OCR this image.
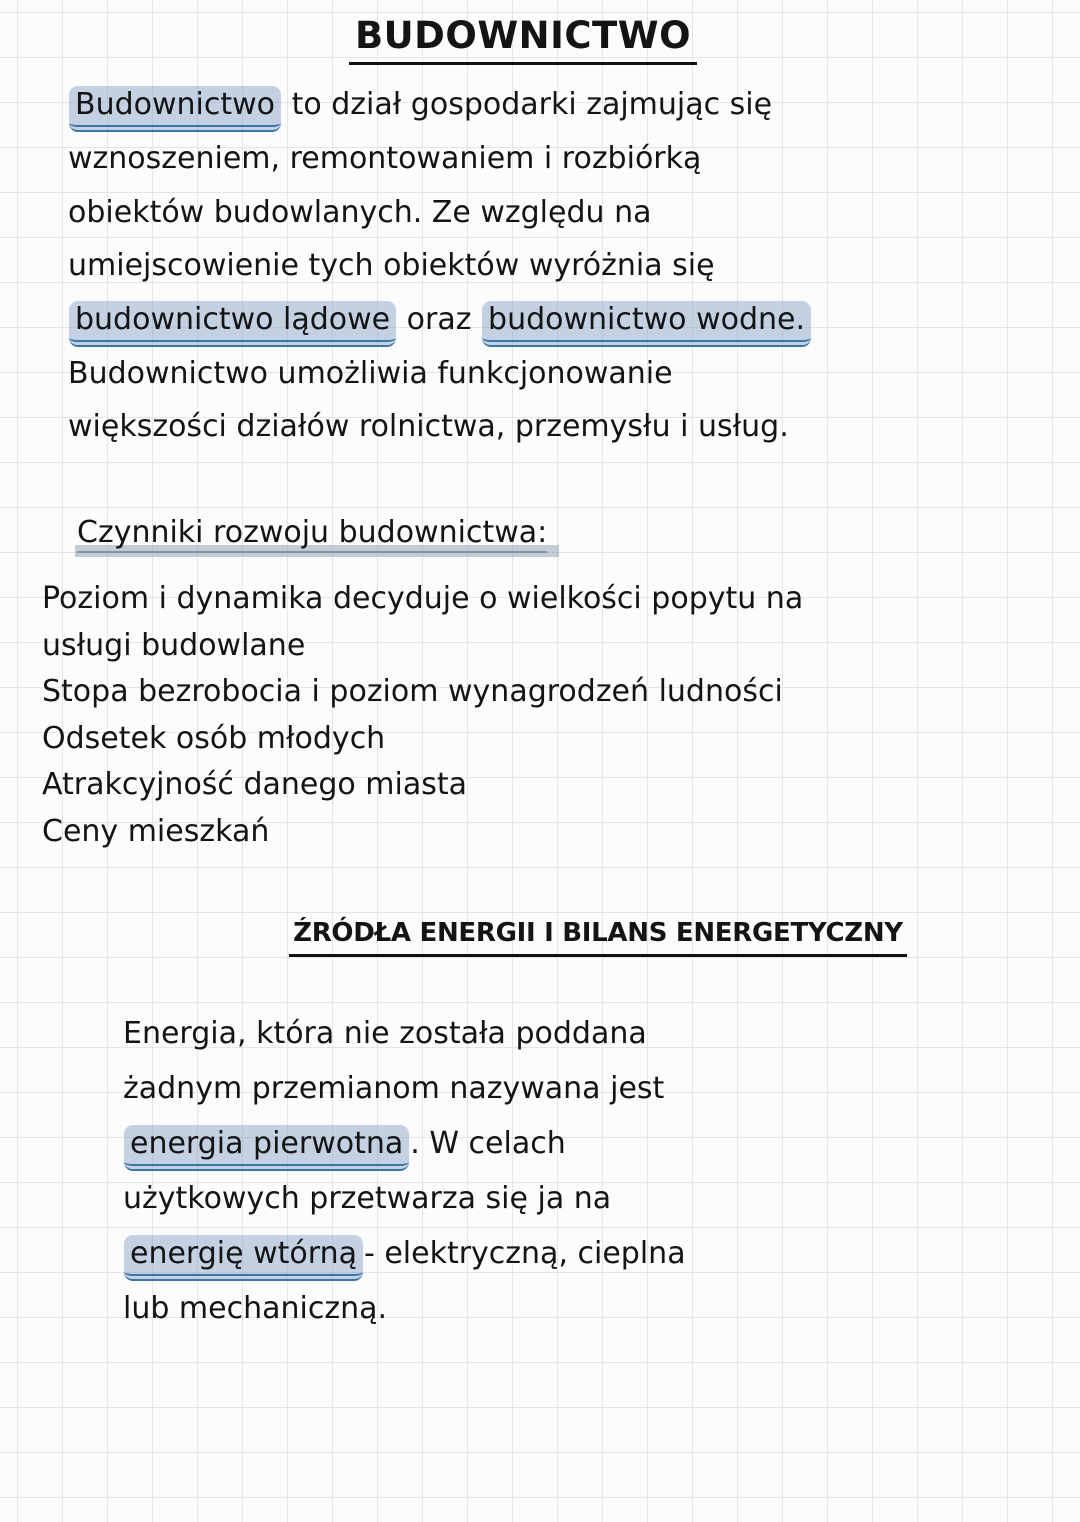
BUDOWNICTWO
Budownictwo to dział gospodarki zajmując się
wznoszeniem, remontowaniem i rozbiórką
obiektów budowlanych. Ze względu na
umiejscowienie tych obiektów wyróżnia się
budownictwo lądowe oraz budownictwo wodne.
Budownictwo umożliwia funkcjonowanie
większości działów rolnictwa, przemysłu i usług.
Czynniki rozwoju budownictwa:
Poziom i dynamika decyduje o wielkości popytu na
usługi budowlane
Stopa bezrobocia i poziom wynagrodzeń ludności
Odsetek osób młodych
Atrakcyjność danego miasta
Ceny mieszkań
ŹRÓDŁA ENERGII I BILANS ENERGETYCZNY
Energia, która nie została poddana
żadnym przemianom nazywana jest
energia pierwotna . W celach
użytkowych przetwarza się ja na
energię wtórną - elektryczną, cieplna
lub mechaniczną.
